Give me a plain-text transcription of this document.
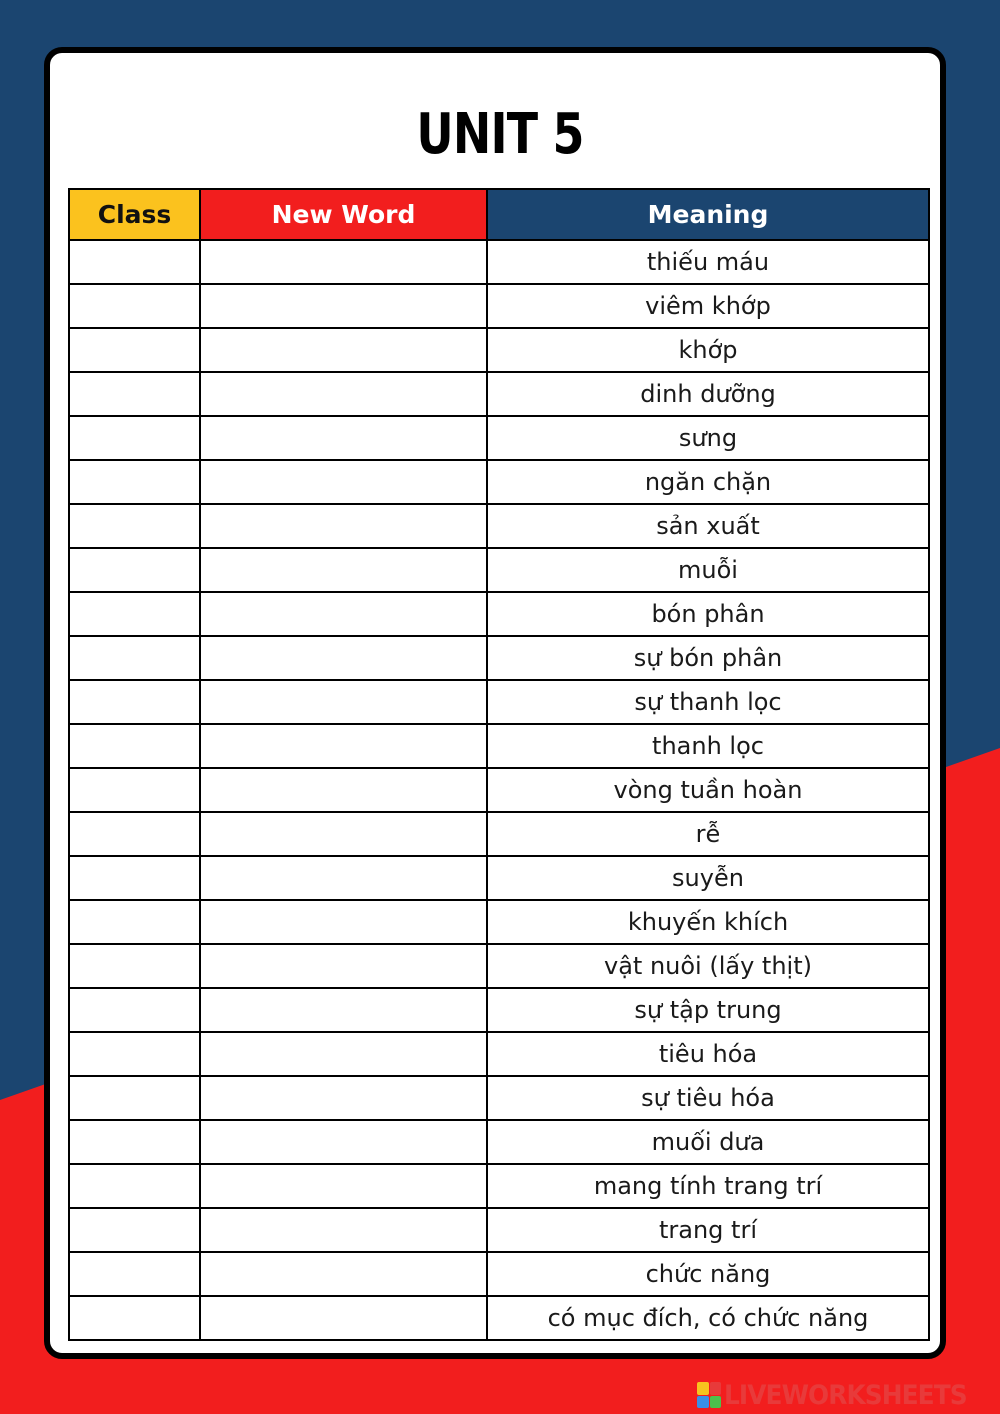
UNIT 5
Class	New Word	Meaning
		thiếu máu
		viêm khớp
		khớp
		dinh dưỡng
		sưng
		ngăn chặn
		sản xuất
		muỗi
		bón phân
		sự bón phân
		sự thanh lọc
		thanh lọc
		vòng tuần hoàn
		rễ
		suyễn
		khuyến khích
		vật nuôi (lấy thịt)
		sự tập trung
		tiêu hóa
		sự tiêu hóa
		muối dưa
		mang tính trang trí
		trang trí
		chức năng
		có mục đích, có chức năng
LIVEWORKSHEETS
